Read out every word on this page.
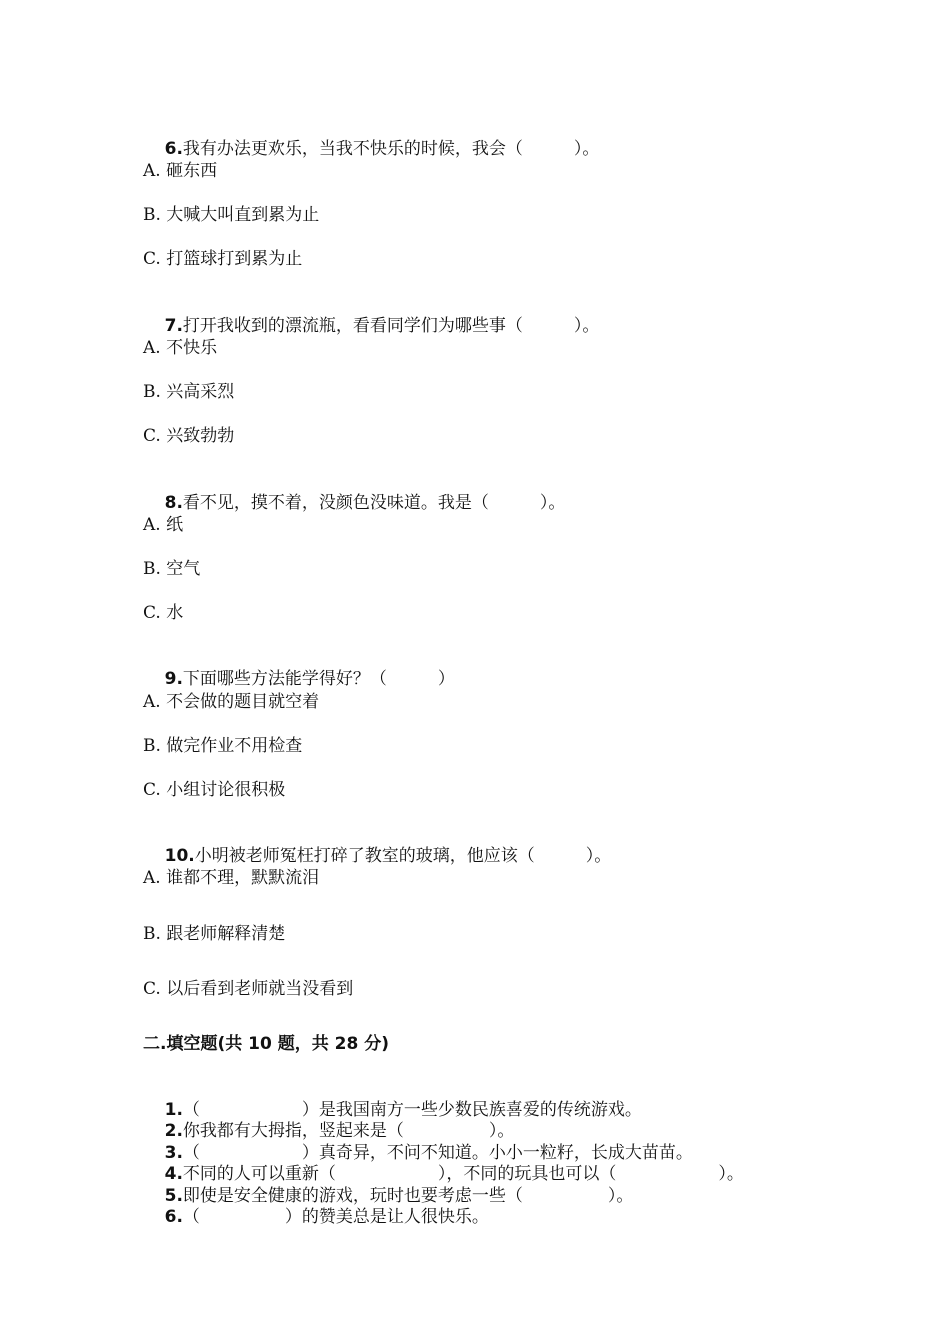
6.我有办法更欢乐，当我不快乐的时候，我会（　　　）。

A. 砸东西
B. 大喊大叫直到累为止
C. 打篮球打到累为止

7.打开我收到的漂流瓶，看看同学们为哪些事（　　　）。

A. 不快乐
B. 兴高采烈
C. 兴致勃勃

8.看不见，摸不着，没颜色没味道。我是（　　　）。

A. 纸
B. 空气
C. 水

9.下面哪些方法能学得好？（　　　）

A. 不会做的题目就空着
B. 做完作业不用检查
C. 小组讨论很积极

10.小明被老师冤枉打碎了教室的玻璃，他应该（　　　）。

A. 谁都不理，默默流泪
B. 跟老师解释清楚
C. 以后看到老师就当没看到
二.填空题(共 10 题，共 28 分)

1.（　　　　　　）是我国南方一些少数民族喜爱的传统游戏。

2.你我都有大拇指，竖起来是（　　　　　）。

3.（　　　　　　）真奇异，不问不知道。小小一粒籽，长成大苗苗。

4.不同的人可以重新（　　　　　　），不同的玩具也可以（　　　　　　）。

5.即使是安全健康的游戏，玩时也要考虑一些（　　　　　）。

6.（　　　　　）的赞美总是让人很快乐。
